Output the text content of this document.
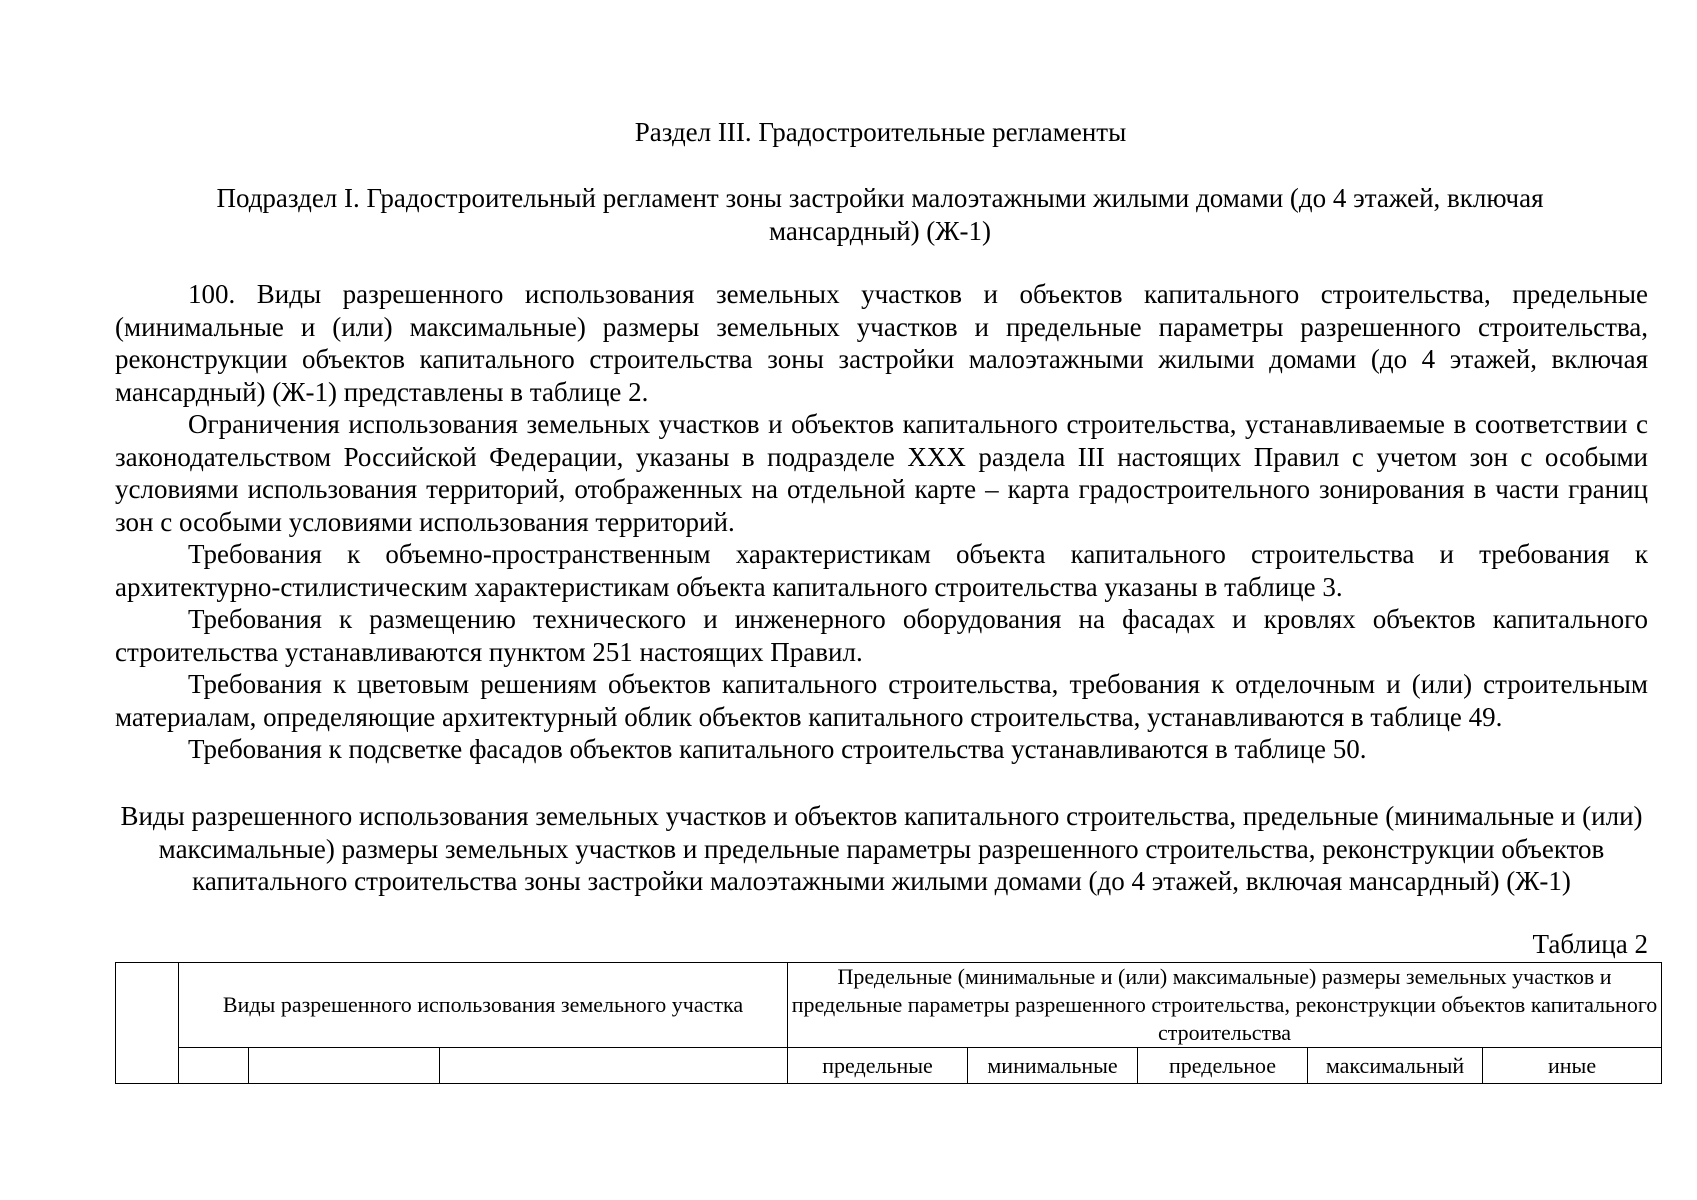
Раздел III. Градостроительные регламенты
Подраздел I. Градостроительный регламент зоны застройки малоэтажными жилыми домами (до 4 этажей, включая мансардный) (Ж-1)

100. Виды разрешенного использования земельных участков и объектов капитального строительства, предельные (минимальные и (или) максимальные) размеры земельных участков и предельные параметры разрешенного строительства, реконструкции объектов капитального строительства зоны застройки малоэтажными жилыми домами (до 4 этажей, включая мансардный) (Ж-1) представлены в таблице 2.

Ограничения использования земельных участков и объектов капитального строительства, устанавливаемые в соответствии с законодательством Российской Федерации, указаны в подразделе XXX раздела III настоящих Правил с учетом зон с особыми условиями использования территорий, отображенных на отдельной карте – карта градостроительного зонирования в части границ зон с особыми условиями использования территорий.

Требования к объемно-пространственным характеристикам объекта капитального строительства и требования к архитектурно-стилистическим характеристикам объекта капитального строительства указаны в таблице 3.

Требования к размещению технического и инженерного оборудования на фасадах и кровлях объектов капитального строительства устанавливаются пунктом 251 настоящих Правил.

Требования к цветовым решениям объектов капитального строительства, требования к отделочным и (или) строительным материалам, определяющие архитектурный облик объектов капитального строительства, устанавливаются в таблице 49.

Требования к подсветке фасадов объектов капитального строительства устанавливаются в таблице 50.

Виды разрешенного использования земельных участков и объектов капитального строительства, предельные (минимальные и (или) максимальные) размеры земельных участков и предельные параметры разрешенного строительства, реконструкции объектов капитального строительства зоны застройки малоэтажными жилыми домами (до 4 этажей, включая мансардный) (Ж-1)
Таблица 2
	Виды разрешенного использования земельного участка			Предельные (минимальные и (или) максимальные) размеры земельных участков и предельные параметры разрешенного строительства, реконструкции объектов капитального строительства				
				предельные	минимальные	предельное	максимальный	иные
